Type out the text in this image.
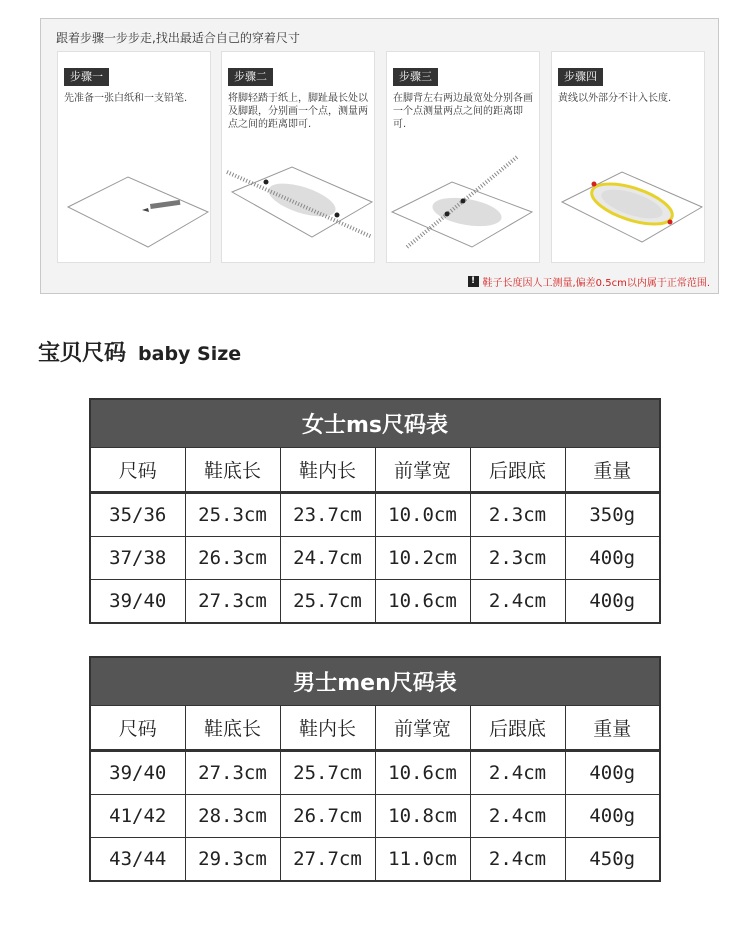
跟着步骤一步步走,找出最适合自己的穿着尺寸
步骤一
先准备一张白纸和一支铅笔.
步骤二
将脚轻踏于纸上，脚趾最长处以及脚跟，分别画一个点，测量两点之间的距离即可.
步骤三
在脚背左右两边最宽处分别各画一个点测量两点之间的距离即可.
步骤四
黄线以外部分不计入长度.
! 鞋子长度因人工测量,偏差0.5cm以内属于正常范围.
宝贝尺码 baby Size
女士ms尺码表					
尺码	鞋底长	鞋内长	前掌宽	后跟底	重量
35/36	25.3cm	23.7cm	10.0cm	2.3cm	350g
37/38	26.3cm	24.7cm	10.2cm	2.3cm	400g
39/40	27.3cm	25.7cm	10.6cm	2.4cm	400g
男士men尺码表					
尺码	鞋底长	鞋内长	前掌宽	后跟底	重量
39/40	27.3cm	25.7cm	10.6cm	2.4cm	400g
41/42	28.3cm	26.7cm	10.8cm	2.4cm	400g
43/44	29.3cm	27.7cm	11.0cm	2.4cm	450g
